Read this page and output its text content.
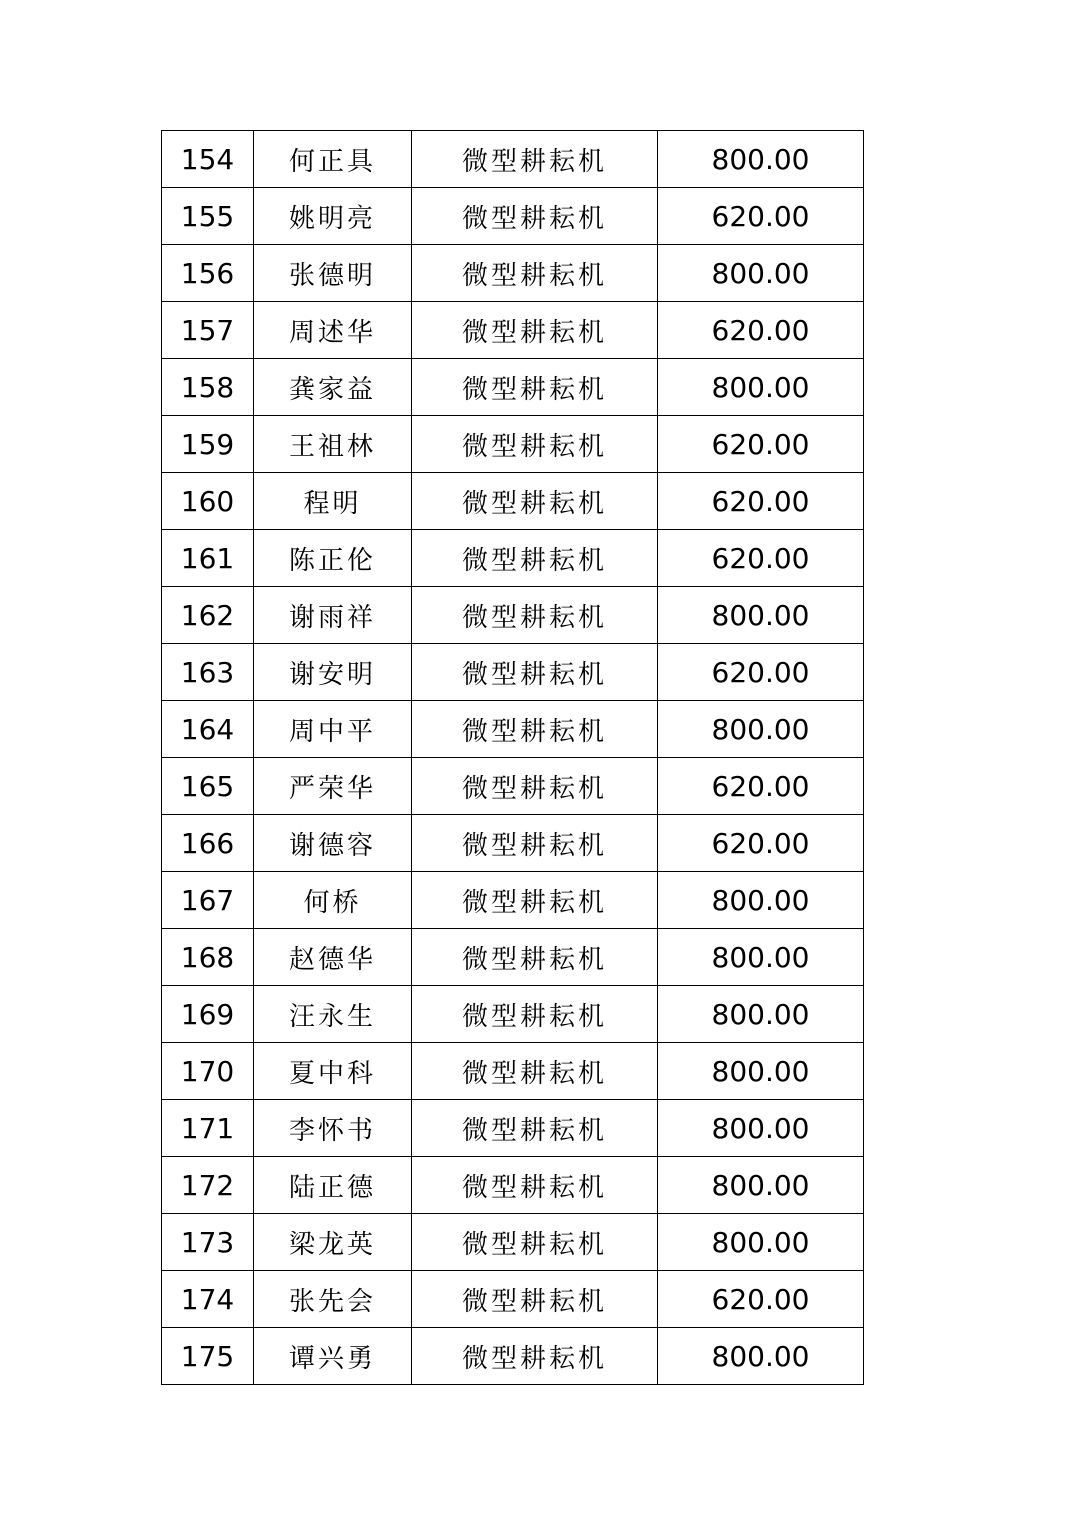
154	何正具	微型耕耘机	800.00
155	姚明亮	微型耕耘机	620.00
156	张德明	微型耕耘机	800.00
157	周述华	微型耕耘机	620.00
158	龚家益	微型耕耘机	800.00
159	王祖林	微型耕耘机	620.00
160	程明	微型耕耘机	620.00
161	陈正伦	微型耕耘机	620.00
162	谢雨祥	微型耕耘机	800.00
163	谢安明	微型耕耘机	620.00
164	周中平	微型耕耘机	800.00
165	严荣华	微型耕耘机	620.00
166	谢德容	微型耕耘机	620.00
167	何桥	微型耕耘机	800.00
168	赵德华	微型耕耘机	800.00
169	汪永生	微型耕耘机	800.00
170	夏中科	微型耕耘机	800.00
171	李怀书	微型耕耘机	800.00
172	陆正德	微型耕耘机	800.00
173	梁龙英	微型耕耘机	800.00
174	张先会	微型耕耘机	620.00
175	谭兴勇	微型耕耘机	800.00
